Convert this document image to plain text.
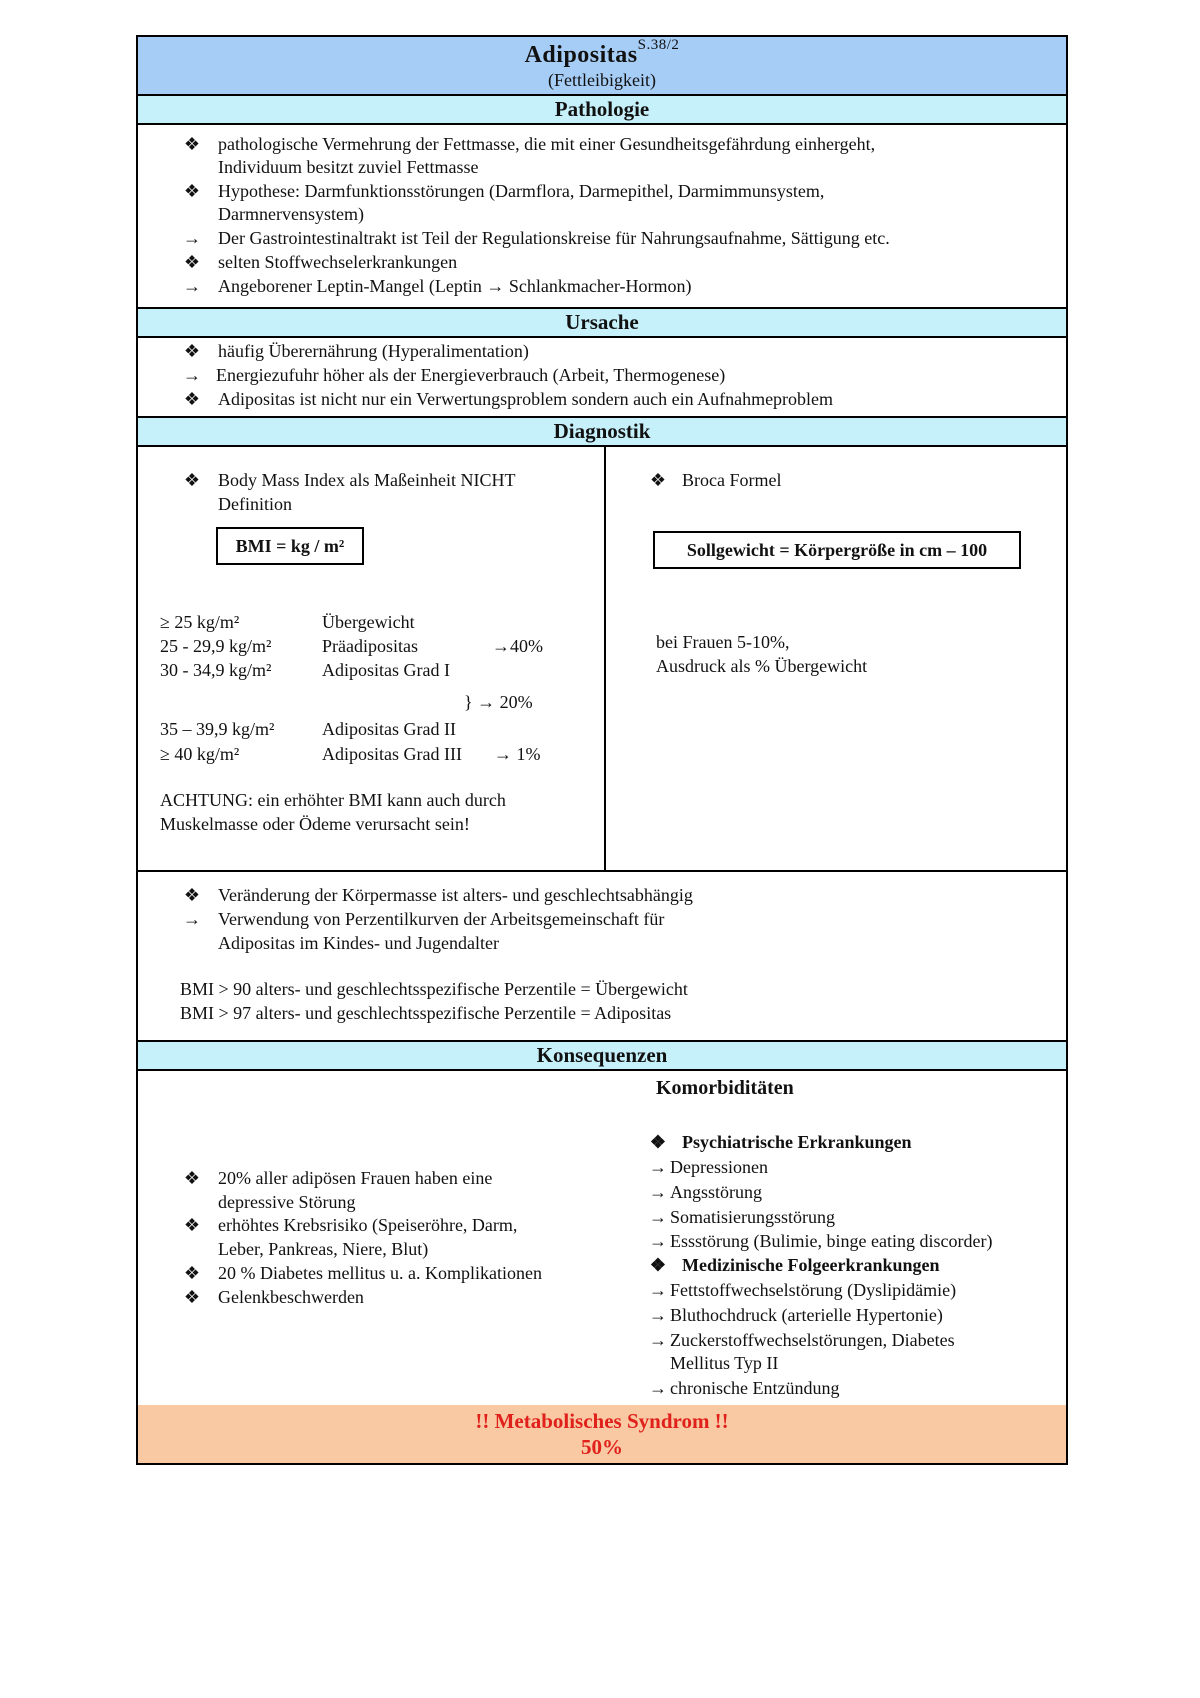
Adipositas$^{S.38/2}$
(Fettleibigkeit)
Pathologie
❖ pathologische Vermehrung der Fettmasse, die mit einer Gesundheitsgefährdung einhergeht,
Individuum besitzt zuviel Fettmasse
❖ Hypothese: Darmfunktionsstörungen (Darmflora, Darmepithel, Darmimmunsystem,
Darmnervensystem)
→ Der Gastrointestinaltrakt ist Teil der Regulationskreise für Nahrungsaufnahme, Sättigung etc.
❖ selten Stoffwechselerkrankungen
→ Angeborener Leptin-Mangel (Leptin → Schlankmacher-Hormon)
Ursache
❖ häufig Überernährung (Hyperalimentation)
→ Energiezufuhr höher als der Energieverbrauch (Arbeit, Thermogenese)
❖ Adipositas ist nicht nur ein Verwertungsproblem sondern auch ein Aufnahmeproblem
Diagnostik
❖ Body Mass Index als Maßeinheit NICHT
Definition
BMI = kg / m²
≥ 25 kg/m²	Übergewicht
25 - 29,9 kg/m²	Präadipositas	→40%
30 - 34,9 kg/m²	Adipositas Grad I
} → 20%
35 – 39,9 kg/m²	Adipositas Grad II
≥ 40 kg/m²	Adipositas Grad III → 1%
ACHTUNG: ein erhöhter BMI kann auch durch
Muskelmasse oder Ödeme verursacht sein!
❖ Broca Formel
Sollgewicht = Körpergröße in cm – 100
bei Frauen 5-10%,
Ausdruck als % Übergewicht
❖ Veränderung der Körpermasse ist alters- und geschlechtsabhängig
→ Verwendung von Perzentilkurven der Arbeitsgemeinschaft für
Adipositas im Kindes- und Jugendalter
BMI > 90 alters- und geschlechtsspezifische Perzentile = Übergewicht
BMI > 97 alters- und geschlechtsspezifische Perzentile = Adipositas
Konsequenzen
Komorbiditäten
❖ 20% aller adipösen Frauen haben eine
depressive Störung
❖ erhöhtes Krebsrisiko (Speiseröhre, Darm,
Leber, Pankreas, Niere, Blut)
❖ 20 % Diabetes mellitus u. a. Komplikationen
❖ Gelenkbeschwerden
❖ Psychiatrische Erkrankungen
→ Depressionen
→ Angsstörung
→ Somatisierungsstörung
→ Essstörung (Bulimie, binge eating discorder)
❖ Medizinische Folgeerkrankungen
→ Fettstoffwechselstörung (Dyslipidämie)
→ Bluthochdruck (arterielle Hypertonie)
→ Zuckerstoffwechselstörungen, Diabetes
Mellitus Typ II
→ chronische Entzündung
!! Metabolisches Syndrom !!
50%
